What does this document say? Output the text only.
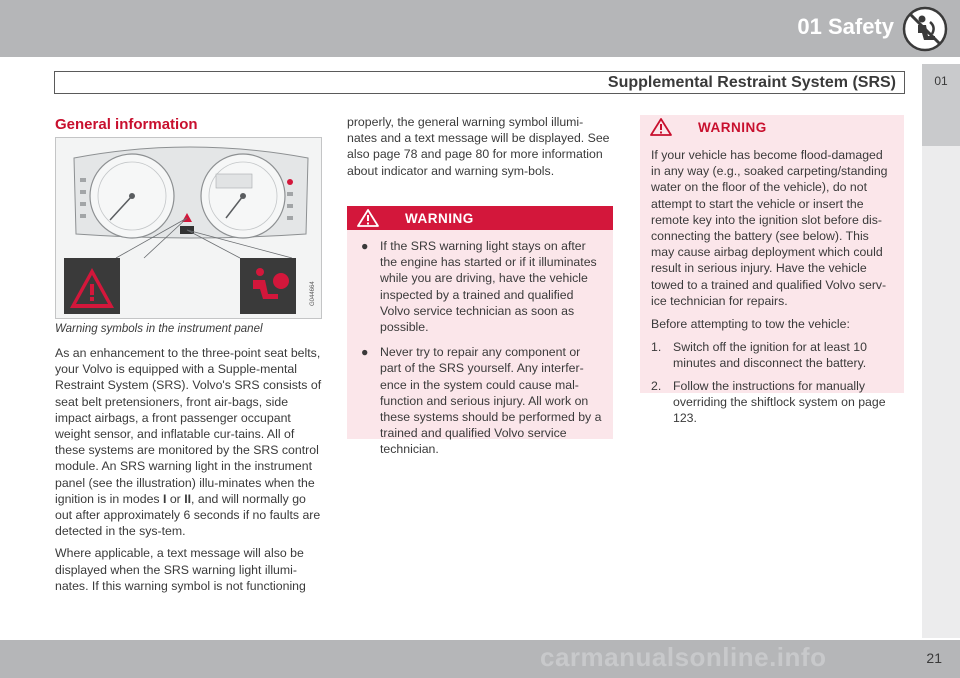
01 Safety
Supplemental Restraint System (SRS)	01
General information
G044664
Warning symbols in the instrument panel

As an enhancement to the three-point seat belts, your Volvo is equipped with a Supple-mental Restraint System (SRS). Volvo's SRS consists of seat belt pretensioners, front air-bags, side impact airbags, a front passenger occupant weight sensor, and inflatable cur-tains. All of these systems are monitored by the SRS control module. An SRS warning light in the instrument panel (see the illustration) illu-minates when the ignition is in modes I or II, and will normally go out after approximately 6 seconds if no faults are detected in the sys-tem.

Where applicable, a text message will also be displayed when the SRS warning light illumi-nates. If this warning symbol is not functioning

properly, the general warning symbol illumi-nates and a text message will be displayed. See also page 78 and page 80 for more information about indicator and warning sym-bols.

WARNING
● If the SRS warning light stays on after the engine has started or if it illuminates while you are driving, have the vehicle inspected by a trained and qualified Volvo service technician as soon as possible.
● Never try to repair any component or part of the SRS yourself. Any interfer-ence in the system could cause mal-function and serious injury. All work on these systems should be performed by a trained and qualified Volvo service technician.
WARNING

If your vehicle has become flood-damaged in any way (e.g., soaked carpeting/standing water on the floor of the vehicle), do not attempt to start the vehicle or insert the remote key into the ignition slot before dis-connecting the battery (see below). This may cause airbag deployment which could result in serious injury. Have the vehicle towed to a trained and qualified Volvo serv-ice technician for repairs.

Before attempting to tow the vehicle:

1. Switch off the ignition for at least 10 minutes and disconnect the battery.
2. Follow the instructions for manually overriding the shiftlock system on page 123.
21
carmanualsonline.info
